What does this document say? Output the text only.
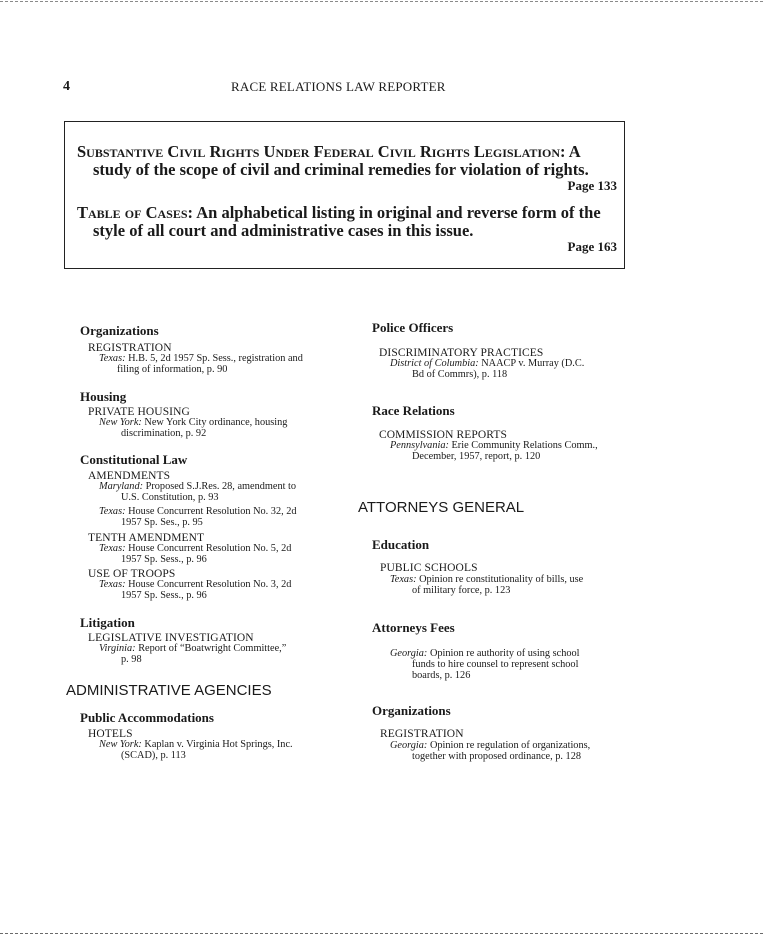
4	RACE RELATIONS LAW REPORTER
Substantive Civil Rights Under Federal Civil Rights Legislation: A
study of the scope of civil and criminal remedies for violation of rights.
Page 133
Table of Cases: An alphabetical listing in original and reverse form of the
style of all court and administrative cases in this issue.
Page 163
Organizations
REGISTRATION
Texas: H.B. 5, 2d 1957 Sp. Sess., registration and
filing of information, p. 90
Housing
PRIVATE HOUSING
New York: New York City ordinance, housing
discrimination, p. 92
Constitutional Law
AMENDMENTS
Maryland: Proposed S.J.Res. 28, amendment to
U.S. Constitution, p. 93
Texas: House Concurrent Resolution No. 32, 2d
1957 Sp. Ses., p. 95
TENTH AMENDMENT
Texas: House Concurrent Resolution No. 5, 2d
1957 Sp. Sess., p. 96
USE OF TROOPS
Texas: House Concurrent Resolution No. 3, 2d
1957 Sp. Sess., p. 96
Litigation
LEGISLATIVE INVESTIGATION
Virginia: Report of “Boatwright Committee,”
p. 98
ADMINISTRATIVE AGENCIES
Public Accommodations
HOTELS
New York: Kaplan v. Virginia Hot Springs, Inc.
(SCAD), p. 113
Police Officers
DISCRIMINATORY PRACTICES
District of Columbia: NAACP v. Murray (D.C.
Bd of Commrs), p. 118
Race Relations
COMMISSION REPORTS
Pennsylvania: Erie Community Relations Comm.,
December, 1957, report, p. 120
ATTORNEYS GENERAL
Education
PUBLIC SCHOOLS
Texas: Opinion re constitutionality of bills, use
of military force, p. 123
Attorneys Fees
Georgia: Opinion re authority of using school
funds to hire counsel to represent school
boards, p. 126
Organizations
REGISTRATION
Georgia: Opinion re regulation of organizations,
together with proposed ordinance, p. 128
